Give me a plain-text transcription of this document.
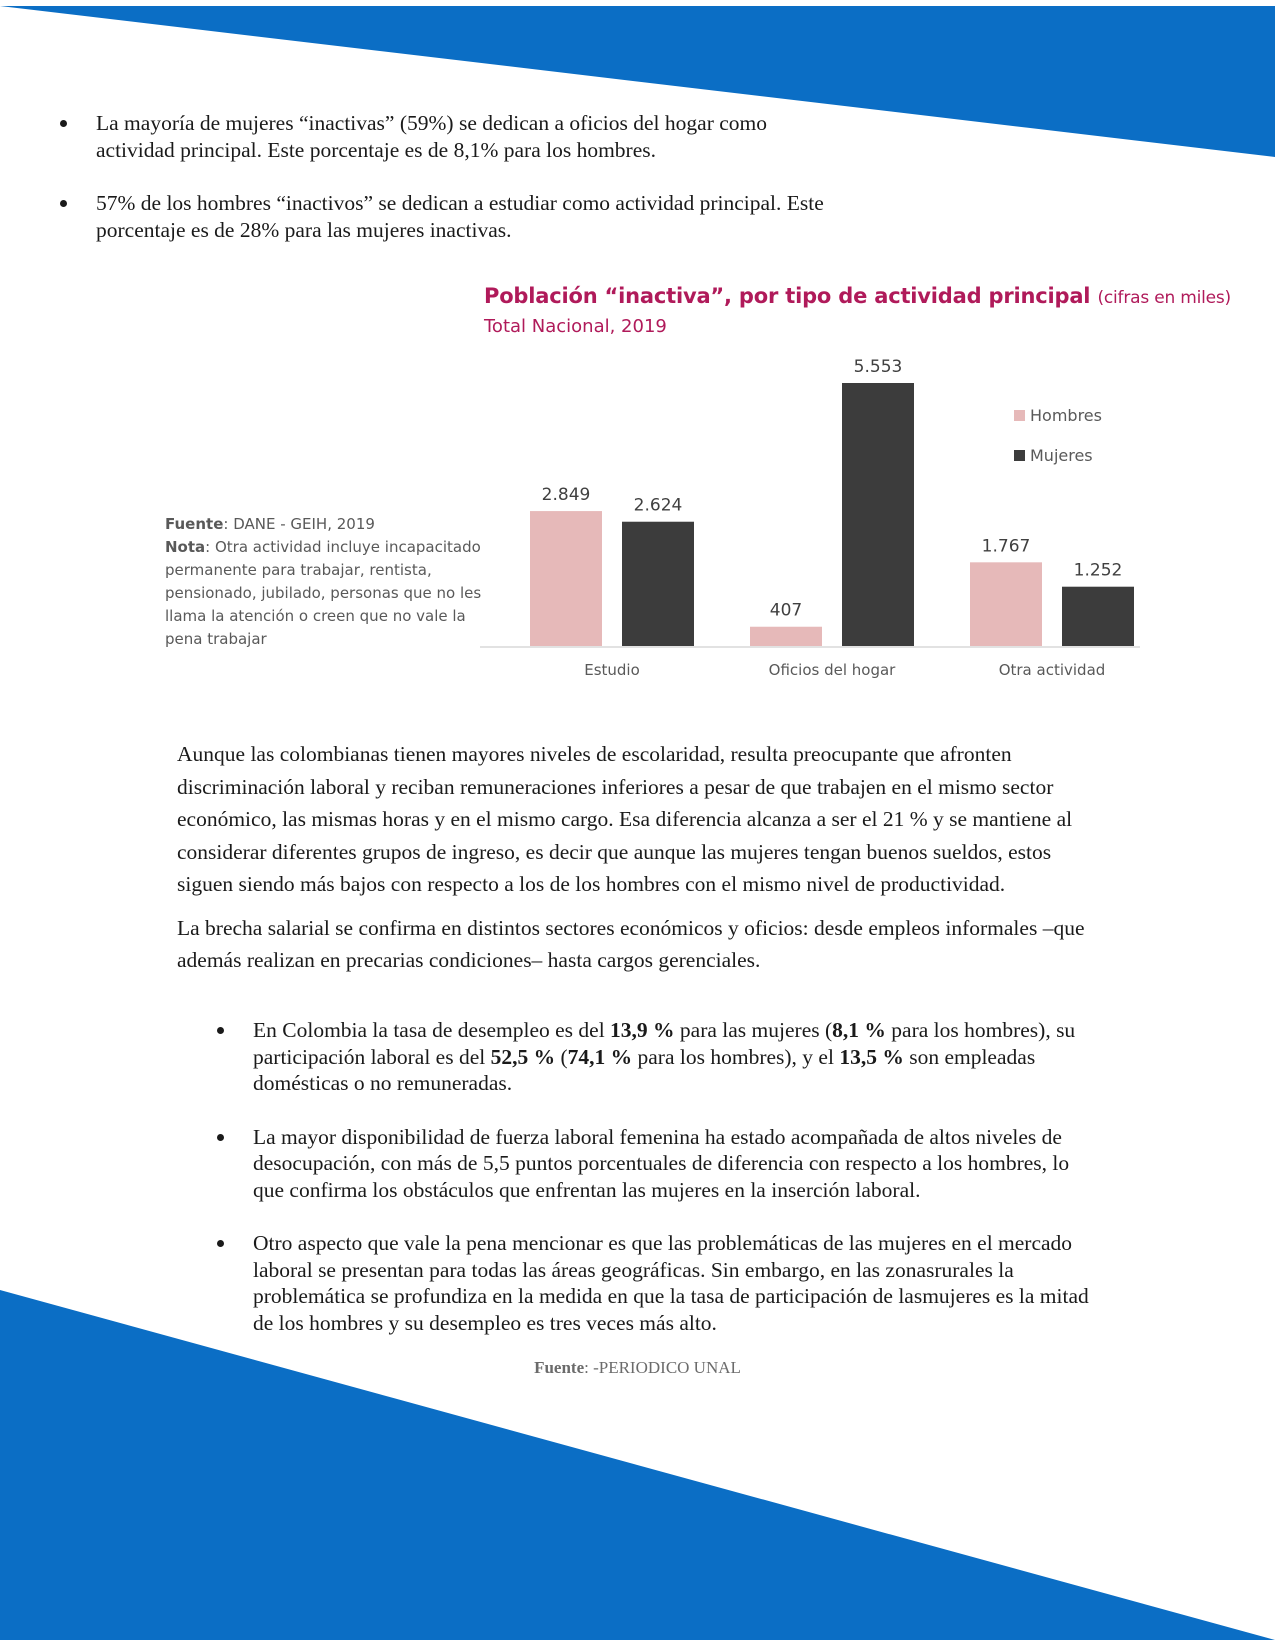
La mayoría de mujeres “inactivas” (59%) se dedican a oficios del hogar como actividad principal. Este porcentaje es de 8,1% para los hombres.
57% de los hombres “inactivos” se dedican a estudiar como actividad principal. Este porcentaje es de 28% para las mujeres inactivas.
Población “inactiva”, por tipo de actividad principal (cifras en miles)
Total Nacional, 2019
Fuente: DANE - GEIH, 2019
Nota: Otra actividad incluye incapacitado permanente para trabajar, rentista, pensionado, jubilado, personas que no les llama la atención o creen que no vale la pena trabajar
2.849
2.624
Estudio
407
5.553
Oficios del hogar
1.767
1.252
Otra actividad
Hombres
Mujeres

Aunque las colombianas tienen mayores niveles de escolaridad, resulta preocupante que afronten discriminación laboral y reciban remuneraciones inferiores a pesar de que trabajen en el mismo sector económico, las mismas horas y en el mismo cargo. Esa diferencia alcanza a ser el 21 % y se mantiene al considerar diferentes grupos de ingreso, es decir que aunque las mujeres tengan buenos sueldos, estos siguen siendo más bajos con respecto a los de los hombres con el mismo nivel de productividad.

La brecha salarial se confirma en distintos sectores económicos y oficios: desde empleos informales –que además realizan en precarias condiciones– hasta cargos gerenciales.

En Colombia la tasa de desempleo es del 13,9 % para las mujeres (8,1 % para los hombres), su participación laboral es del 52,5 % (74,1 % para los hombres), y el 13,5 % son empleadas domésticas o no remuneradas.
La mayor disponibilidad de fuerza laboral femenina ha estado acompañada de altos niveles de desocupación, con más de 5,5 puntos porcentuales de diferencia con respecto a los hombres, lo que confirma los obstáculos que enfrentan las mujeres en la inserción laboral.
Otro aspecto que vale la pena mencionar es que las problemáticas de las mujeres en el mercado laboral se presentan para todas las áreas geográficas. Sin embargo, en las zonasrurales la problemática se profundiza en la medida en que la tasa de participación de lasmujeres es la mitad de los hombres y su desempleo es tres veces más alto.
Fuente: -PERIODICO UNAL
